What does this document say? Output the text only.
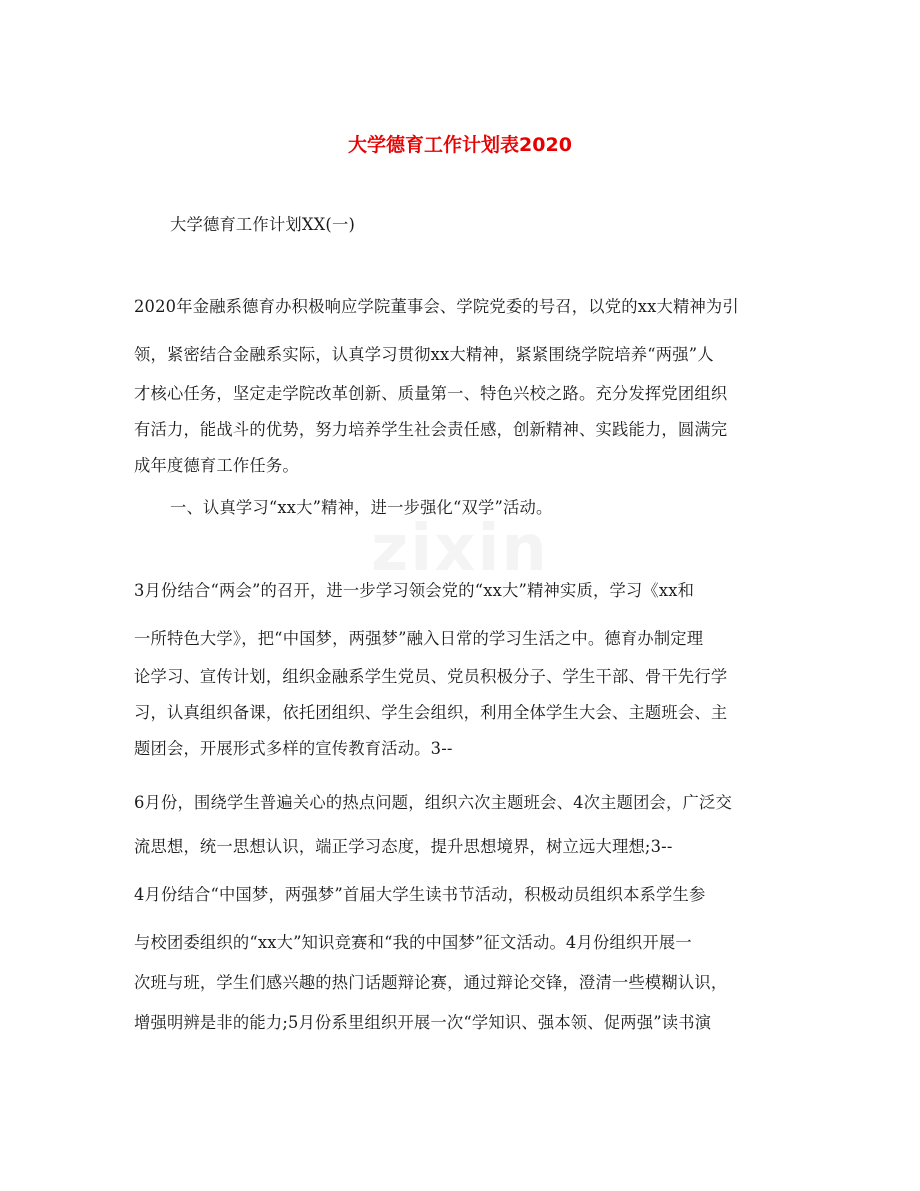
大学德育工作计划表2020
大学德育工作计划XX(一)
2020年金融系德育办积极响应学院董事会、学院党委的号召，以党的xx大精神为引
领，紧密结合金融系实际，认真学习贯彻xx大精神，紧紧围绕学院培养“两强”人
才核心任务，坚定走学院改革创新、质量第一、特色兴校之路。充分发挥党团组织
有活力，能战斗的优势，努力培养学生社会责任感，创新精神、实践能力，圆满完
成年度德育工作任务。
一、认真学习“xx大”精神，进一步强化“双学”活动。
3月份结合“两会”的召开，进一步学习领会党的“xx大”精神实质，学习《xx和
一所特色大学》，把“中国梦，两强梦”融入日常的学习生活之中。德育办制定理
论学习、宣传计划，组织金融系学生党员、党员积极分子、学生干部、骨干先行学
习，认真组织备课，依托团组织、学生会组织，利用全体学生大会、主题班会、主
题团会，开展形式多样的宣传教育活动。3--
6月份，围绕学生普遍关心的热点问题，组织六次主题班会、4次主题团会，广泛交
流思想，统一思想认识，端正学习态度，提升思想境界，树立远大理想;3--
4月份结合“中国梦，两强梦”首届大学生读书节活动，积极动员组织本系学生参
与校团委组织的“xx大”知识竞赛和“我的中国梦”征文活动。4月份组织开展一
次班与班，学生们感兴趣的热门话题辩论赛，通过辩论交锋，澄清一些模糊认识，
增强明辨是非的能力;5月份系里组织开展一次“学知识、强本领、促两强”读书演
